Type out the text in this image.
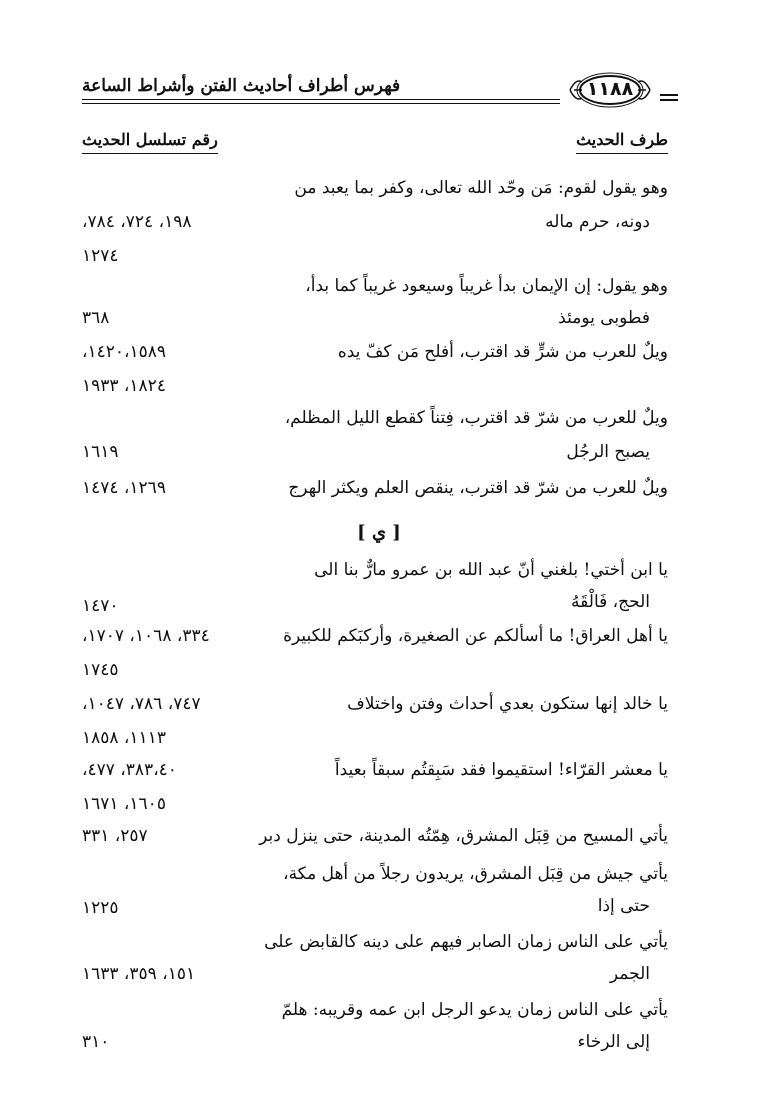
فهرس أطراف أحاديث الفتن وأشراط الساعة	١١٨٨
طرف الحديث
رقم تسلسل الحديث
[ ي ]
وهو يقول لقوم: مَن وحّد الله تعالى، وكفر بما يعبد من
دونه، حرم ماله
١٩٨، ٧٢٤، ٧٨٤،
١٢٧٤
وهو يقول: إن الإيمان بدأ غريباً وسيعود غريباً كما بدأ،
فطوبى يومئذ
٣٦٨
ويلٌ للعرب من شرٍّ قد اقترب، أفلح مَن كفّ يده
١٤٢٠،١٥٨٩،
١٨٢٤، ١٩٣٣
ويلٌ للعرب من شرّ قد اقترب، فِتناً كقطع الليل المظلم،
يصبح الرجُل
١٦١٩
ويلٌ للعرب من شرّ قد اقترب، ينقص العلم ويكثر الهرج
١٢٦٩، ١٤٧٤
يا ابن أختي! بلغني أنّ عبد الله بن عمرو مارٌّ بنا الى
الحج، فَالْقَهُ
١٤٧٠
يا أهل العراق! ما أسألكم عن الصغيرة، وأركبَكم للكبيرة
٣٣٤، ١٠٦٨، ١٧٠٧،
١٧٤٥
يا خالد إنها ستكون بعدي أحداث وفتن واختلاف
٧٤٧، ٧٨٦، ١٠٤٧،
١١١٣، ١٨٥٨
يا معشر القرّاء! استقيموا فقد سَبِقتُم سبقاً بعيداً
٣٨٣،٤٠، ٤٧٧،
١٦٠٥، ١٦٧١
يأتي المسيح من قِبَل المشرق، هِمّتُه المدينة، حتى ينزل دبر
٢٥٧، ٣٣١
يأتي جيش من قِبَل المشرق، يريدون رجلاً من أهل مكة،
حتى إذا
١٢٢٥
يأتي على الناس زمان الصابر فيهم على دينه كالقابض على
الجمر
١٥١، ٣٥٩، ١٦٣٣
يأتي على الناس زمان يدعو الرجل ابن عمه وقريبه: هلمّ
إلى الرخاء
٣١٠
